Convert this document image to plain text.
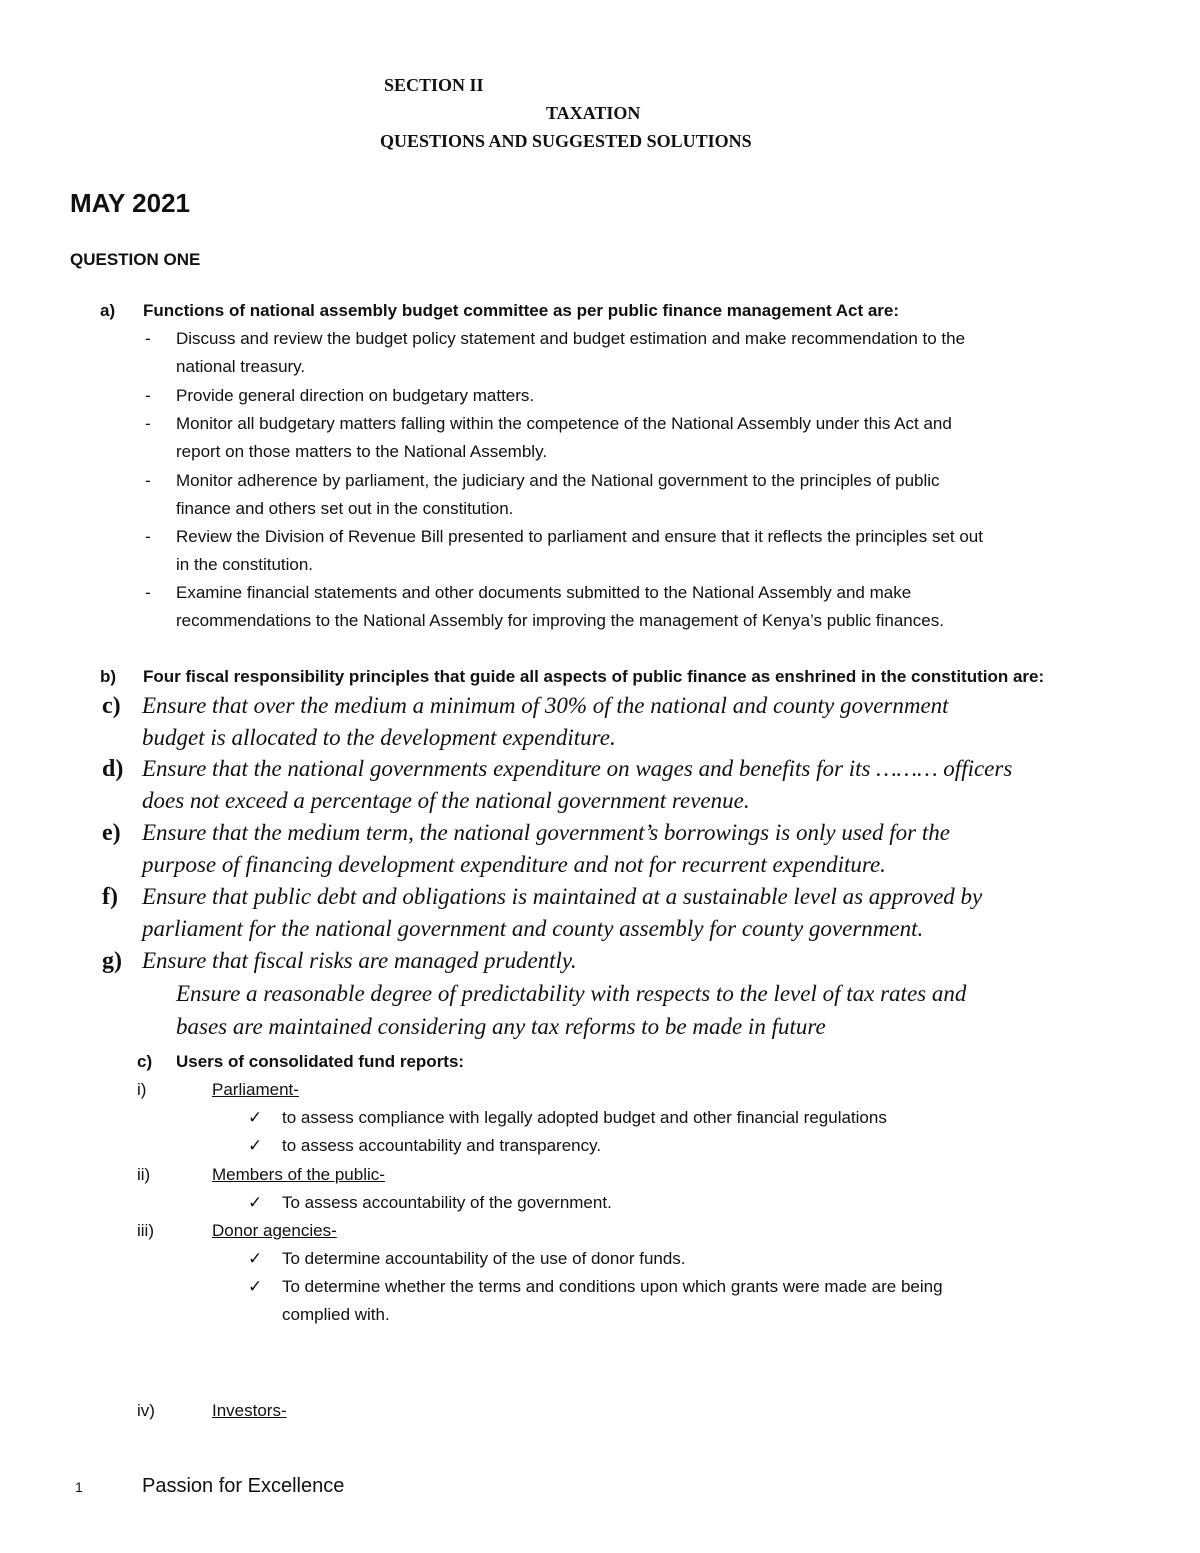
SECTION II
TAXATION
QUESTIONS AND SUGGESTED SOLUTIONS
MAY 2021
QUESTION ONE
a) Functions of national assembly budget committee as per public finance management Act are:
- Discuss and review the budget policy statement and budget estimation and make recommendation to the
national treasury.
- Provide general direction on budgetary matters.
- Monitor all budgetary matters falling within the competence of the National Assembly under this Act and
report on those matters to the National Assembly.
- Monitor adherence by parliament, the judiciary and the National government to the principles of public
finance and others set out in the constitution.
- Review the Division of Revenue Bill presented to parliament and ensure that it reflects the principles set out
in the constitution.
- Examine financial statements and other documents submitted to the National Assembly and make
recommendations to the National Assembly for improving the management of Kenya’s public finances.
b) Four fiscal responsibility principles that guide all aspects of public finance as enshrined in the constitution are:
c) Ensure that over the medium a minimum of 30% of the national and county government
budget is allocated to the development expenditure.
d) Ensure that the national governments expenditure on wages and benefits for its ……… officers
does not exceed a percentage of the national government revenue.
e) Ensure that the medium term, the national government’s borrowings is only used for the
purpose of financing development expenditure and not for recurrent expenditure.
f) Ensure that public debt and obligations is maintained at a sustainable level as approved by
parliament for the national government and county assembly for county government.
g) Ensure that fiscal risks are managed prudently.
Ensure a reasonable degree of predictability with respects to the level of tax rates and
bases are maintained considering any tax reforms to be made in future
c) Users of consolidated fund reports:
i)	Parliament-
✓ to assess compliance with legally adopted budget and other financial regulations
✓ to assess accountability and transparency.
ii)	Members of the public-
✓ To assess accountability of the government.
iii)	Donor agencies-
✓ To determine accountability of the use of donor funds.
✓ To determine whether the terms and conditions upon which grants were made are being
complied with.
iv)	Investors-
1	Passion for Excellence
